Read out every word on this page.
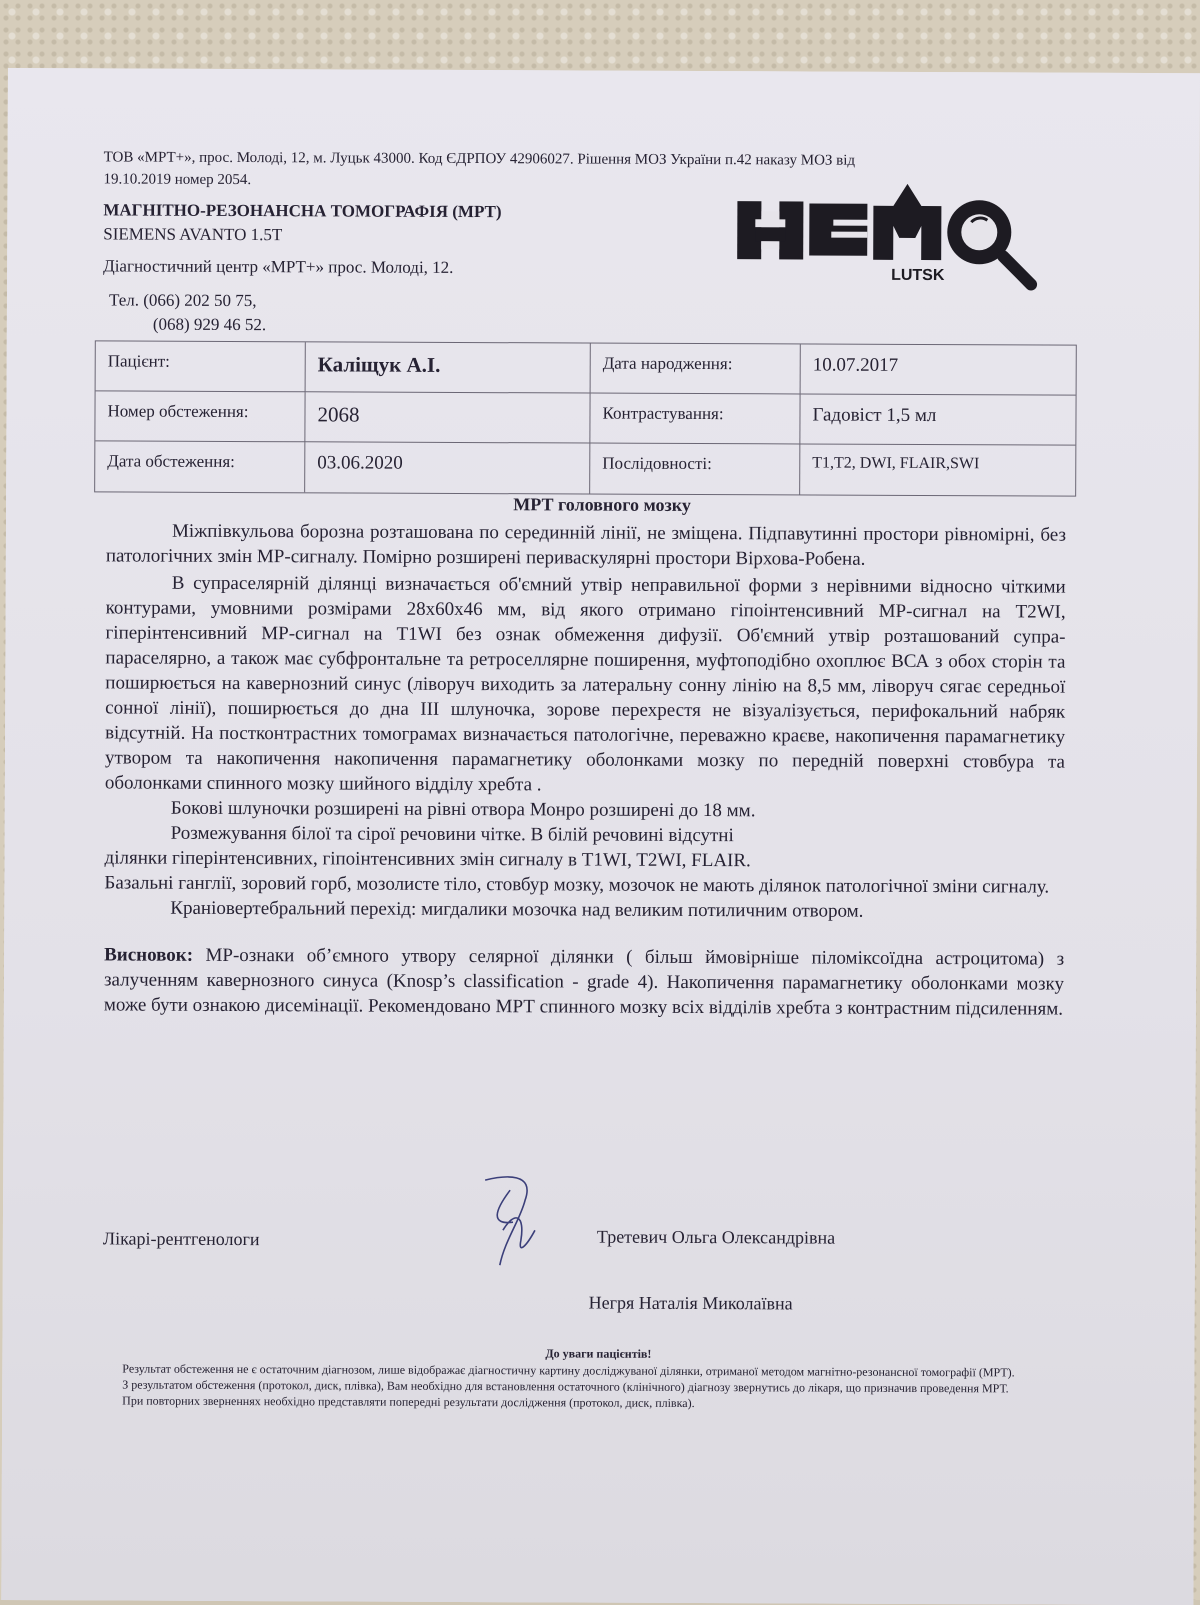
ТОВ «МРТ+», прос. Молоді, 12, м. Луцьк 43000. Код ЄДРПОУ 42906027. Рішення МОЗ України п.42 наказу МОЗ від
19.10.2019 номер 2054.
МАГНІТНО-РЕЗОНАНСНА ТОМОГРАФІЯ (МРТ)
SIEMENS AVANTO 1.5T
Діагностичний центр «МРТ+» прос. Молоді, 12.
Тел. (066) 202 50 75,
(068) 929 46 52.
LUTSK
Пацієнт:	Каліщук А.І.	Дата народження:	10.07.2017
Номер обстеження:	2068	Контрастування:	Гадовіст 1,5 мл
Дата обстеження:	03.06.2020	Послідовності:	T1,T2, DWI, FLAIR,SWI
МРТ головного мозку

Міжпівкульова борозна розташована по серединній лінії, не зміщена. Підпавутинні простори рівномірні, без патологічних змін МР-сигналу. Помірно розширені периваскулярні простори Вірхова-Робена.

В супраселярній ділянці визначається об'ємний утвір неправильної форми з нерівними відносно чіткими контурами, умовними розмірами 28х60х46 мм, від якого отримано гіпоінтенсивний МР-сигнал на T2WI, гіперінтенсивний МР-сигнал на T1WI без ознак обмеження дифузії. Об'ємний утвір розташований супра- параселярно, а також має субфронтальне та ретроселлярне поширення, муфтоподібно охоплює ВСА з обох сторін та поширюється на кавернозний синус (ліворуч виходить за латеральну сонну лінію на 8,5 мм, ліворуч сягає середньої сонної лінії), поширюється до дна III шлуночка, зорове перехрестя не візуалізується, перифокальний набряк відсутній. На постконтрастних томограмах визначається патологічне, переважно краєве, накопичення парамагнетику утвором та накопичення накопичення парамагнетику оболонками мозку по передній поверхні стовбура та оболонками спинного мозку шийного відділу хребта .

Бокові шлуночки розширені на рівні отвора Монро розширені до 18 мм.

Розмежування білої та сірої речовини чітке. В білій речовині відсутні

ділянки гіперінтенсивних, гіпоінтенсивних змін сигналу в T1WI, T2WI, FLAIR.

Базальні ганглії, зоровий горб, мозолисте тіло, стовбур мозку, мозочок не мають ділянок патологічної зміни сигналу.

Краніовертебральний перехід: мигдалики мозочка над великим потиличним отвором.

Висновок: МР-ознаки об’ємного утвору селярної ділянки ( більш ймовірніше піломіксоїдна астроцитома) з залученням кавернозного синуса (Knosp’s classification - grade 4). Накопичення парамагнетику оболонками мозку може бути ознакою дисемінації. Рекомендовано МРТ спинного мозку всіх відділів хребта з контрастним підсиленням.

Лікарі-рентгенологи	Третевич Ольга Олександрівна
Негря Наталія Миколаївна
До уваги пацієнтів!

Результат обстеження не є остаточним діагнозом, лише відображає діагностичну картину досліджуваної ділянки, отриманої методом магнітно-резонансної томографії (МРТ).

З результатом обстеження (протокол, диск, плівка), Вам необхідно для встановлення остаточного (клінічного) діагнозу звернутись до лікаря, що призначив проведення МРТ.

При повторних зверненнях необхідно представляти попередні результати дослідження (протокол, диск, плівка).
